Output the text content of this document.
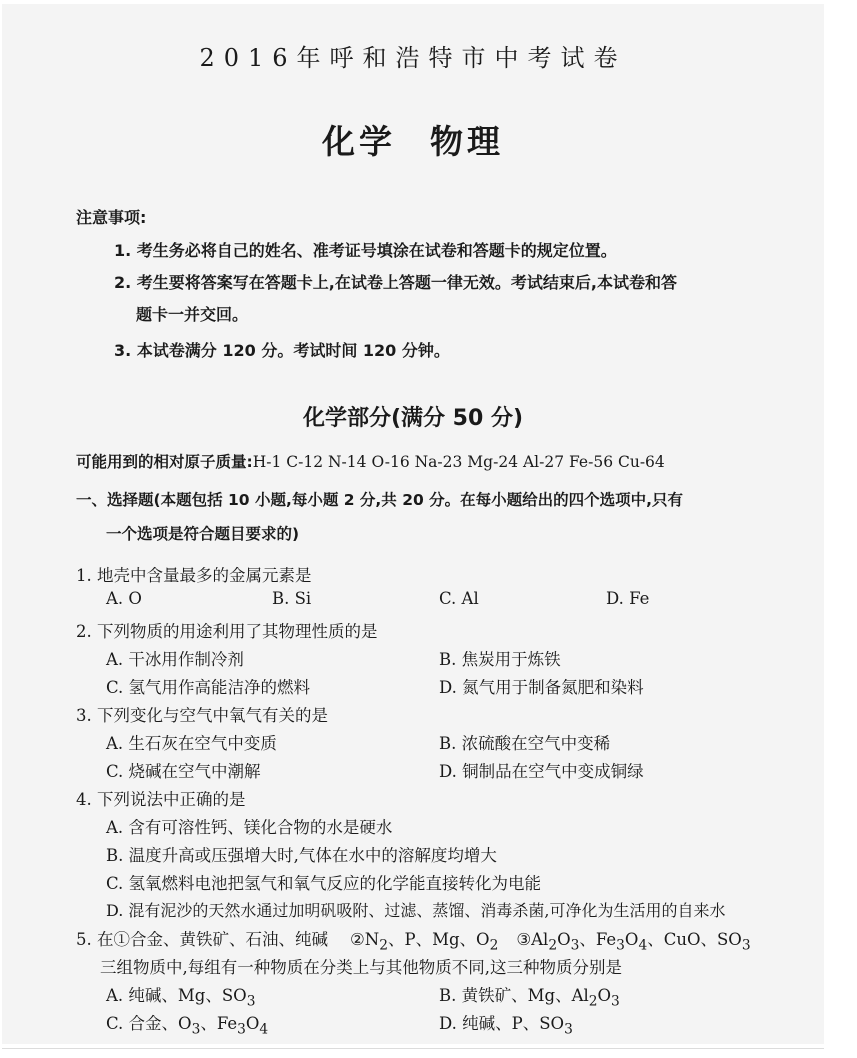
2016年呼和浩特市中考试卷
化学 物理
注意事项:
1. 考生务必将自己的姓名、准考证号填涂在试卷和答题卡的规定位置。
2. 考生要将答案写在答题卡上,在试卷上答题一律无效。考试结束后,本试卷和答
题卡一并交回。
3. 本试卷满分 120 分。考试时间 120 分钟。
化学部分(满分 50 分)
可能用到的相对原子质量:H-1 C-12 N-14 O-16 Na-23 Mg-24 Al-27 Fe-56 Cu-64
一、选择题(本题包括 10 小题,每小题 2 分,共 20 分。在每小题给出的四个选项中,只有
一个选项是符合题目要求的)
1. 地壳中含量最多的金属元素是
A. O	B. Si	C. Al	D. Fe
2. 下列物质的用途利用了其物理性质的是
A. 干冰用作制冷剂	B. 焦炭用于炼铁
C. 氢气用作高能洁净的燃料	D. 氮气用于制备氮肥和染料
3. 下列变化与空气中氧气有关的是
A. 生石灰在空气中变质	B. 浓硫酸在空气中变稀
C. 烧碱在空气中潮解	D. 铜制品在空气中变成铜绿
4. 下列说法中正确的是
A. 含有可溶性钙、镁化合物的水是硬水
B. 温度升高或压强增大时,气体在水中的溶解度均增大
C. 氢氧燃料电池把氢气和氧气反应的化学能直接转化为电能
D. 混有泥沙的天然水通过加明矾吸附、过滤、蒸馏、消毒杀菌,可净化为生活用的自来水
5. 在①合金、黄铁矿、石油、纯碱 $②N_2$、P、Mg、$O_2$ $③Al_2O_3$、$Fe_3O_4$、CuO、$SO_3$
三组物质中,每组有一种物质在分类上与其他物质不同,这三种物质分别是
A. 纯碱、Mg、$SO_3$	B. 黄铁矿、Mg、$Al_2O_3$
C. 合金、$O_3$、$Fe_3O_4$	D. 纯碱、P、$SO_3$
